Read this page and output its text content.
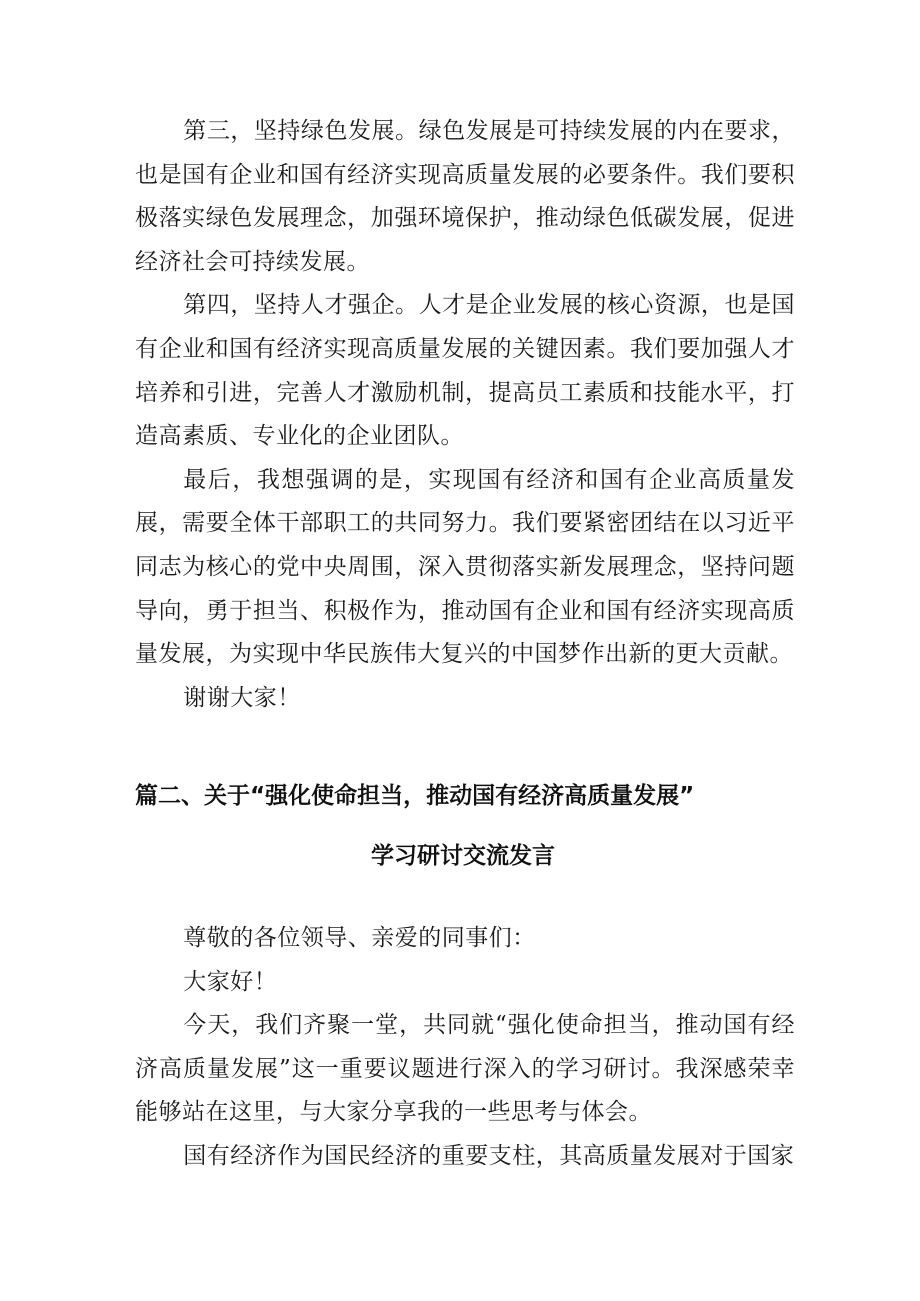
第三，坚持绿色发展。绿色发展是可持续发展的内在要求，也是国有企业和国有经济实现高质量发展的必要条件。我们要积极落实绿色发展理念，加强环境保护，推动绿色低碳发展，促进经济社会可持续发展。

第四，坚持人才强企。人才是企业发展的核心资源，也是国有企业和国有经济实现高质量发展的关键因素。我们要加强人才培养和引进，完善人才激励机制，提高员工素质和技能水平，打造高素质、专业化的企业团队。

最后，我想强调的是，实现国有经济和国有企业高质量发展，需要全体干部职工的共同努力。我们要紧密团结在以习近平同志为核心的党中央周围，深入贯彻落实新发展理念，坚持问题导向，勇于担当、积极作为，推动国有企业和国有经济实现高质量发展，为实现中华民族伟大复兴的中国梦作出新的更大贡献。

谢谢大家！

篇二、关于“强化使命担当，推动国有经济高质量发展”
学习研讨交流发言

尊敬的各位领导、亲爱的同事们：

大家好！

今天，我们齐聚一堂，共同就“强化使命担当，推动国有经济高质量发展”这一重要议题进行深入的学习研讨。我深感荣幸能够站在这里，与大家分享我的一些思考与体会。

国有经济作为国民经济的重要支柱，其高质量发展对于国家
